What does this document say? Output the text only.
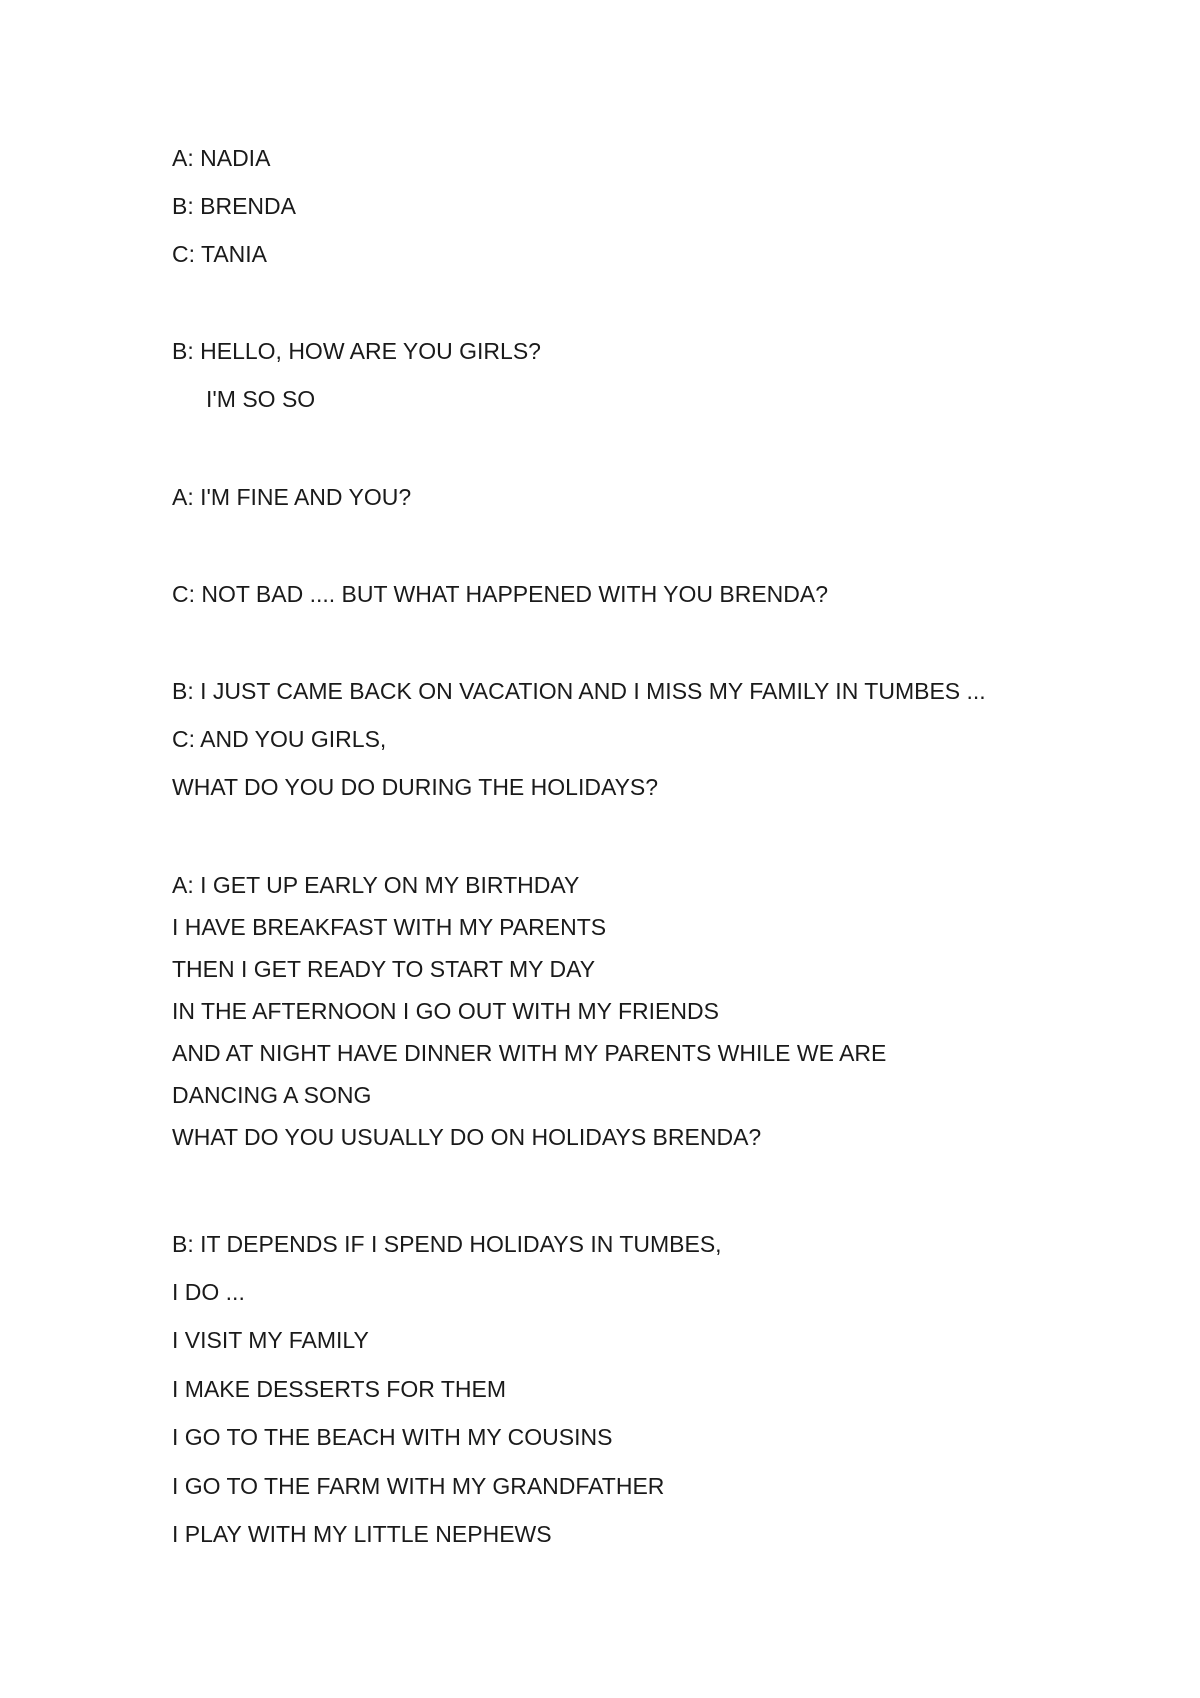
A: NADIA
B: BRENDA
C: TANIA
B: HELLO, HOW ARE YOU GIRLS?
I'M SO SO
A: I'M FINE AND YOU?
C: NOT BAD .... BUT WHAT HAPPENED WITH YOU BRENDA?
B: I JUST CAME BACK ON VACATION AND I MISS MY FAMILY IN TUMBES ...
C: AND YOU GIRLS,
WHAT DO YOU DO DURING THE HOLIDAYS?
A: I GET UP EARLY ON MY BIRTHDAY
I HAVE BREAKFAST WITH MY PARENTS
THEN I GET READY TO START MY DAY
IN THE AFTERNOON I GO OUT WITH MY FRIENDS
AND AT NIGHT HAVE DINNER WITH MY PARENTS WHILE WE ARE
DANCING A SONG
WHAT DO YOU USUALLY DO ON HOLIDAYS BRENDA?
B: IT DEPENDS IF I SPEND HOLIDAYS IN TUMBES,
I DO ...
I VISIT MY FAMILY
I MAKE DESSERTS FOR THEM
I GO TO THE BEACH WITH MY COUSINS
I GO TO THE FARM WITH MY GRANDFATHER
I PLAY WITH MY LITTLE NEPHEWS
